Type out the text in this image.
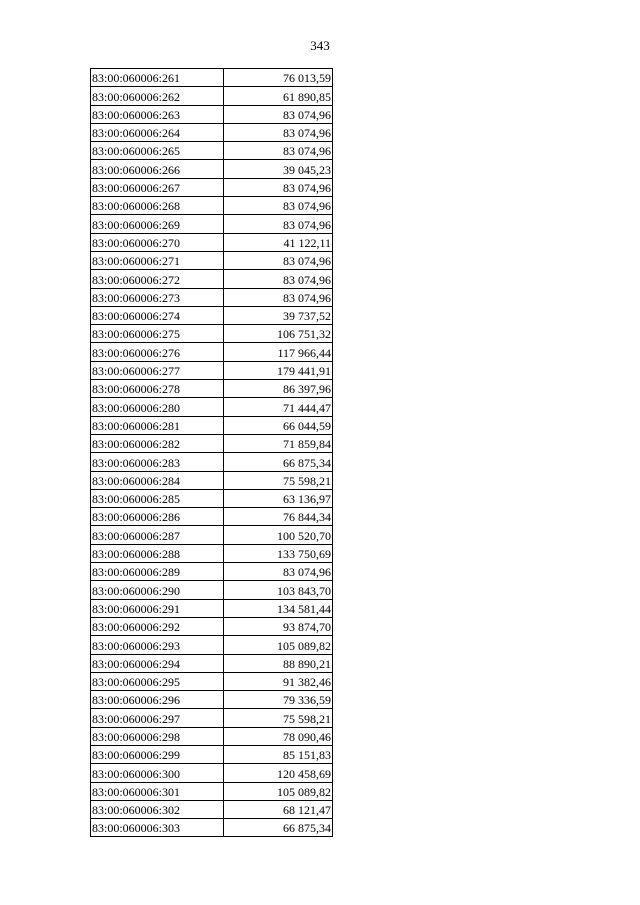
343
83:00:060006:261	76 013,59
83:00:060006:262	61 890,85
83:00:060006:263	83 074,96
83:00:060006:264	83 074,96
83:00:060006:265	83 074,96
83:00:060006:266	39 045,23
83:00:060006:267	83 074,96
83:00:060006:268	83 074,96
83:00:060006:269	83 074,96
83:00:060006:270	41 122,11
83:00:060006:271	83 074,96
83:00:060006:272	83 074,96
83:00:060006:273	83 074,96
83:00:060006:274	39 737,52
83:00:060006:275	106 751,32
83:00:060006:276	117 966,44
83:00:060006:277	179 441,91
83:00:060006:278	86 397,96
83:00:060006:280	71 444,47
83:00:060006:281	66 044,59
83:00:060006:282	71 859,84
83:00:060006:283	66 875,34
83:00:060006:284	75 598,21
83:00:060006:285	63 136,97
83:00:060006:286	76 844,34
83:00:060006:287	100 520,70
83:00:060006:288	133 750,69
83:00:060006:289	83 074,96
83:00:060006:290	103 843,70
83:00:060006:291	134 581,44
83:00:060006:292	93 874,70
83:00:060006:293	105 089,82
83:00:060006:294	88 890,21
83:00:060006:295	91 382,46
83:00:060006:296	79 336,59
83:00:060006:297	75 598,21
83:00:060006:298	78 090,46
83:00:060006:299	85 151,83
83:00:060006:300	120 458,69
83:00:060006:301	105 089,82
83:00:060006:302	68 121,47
83:00:060006:303	66 875,34
